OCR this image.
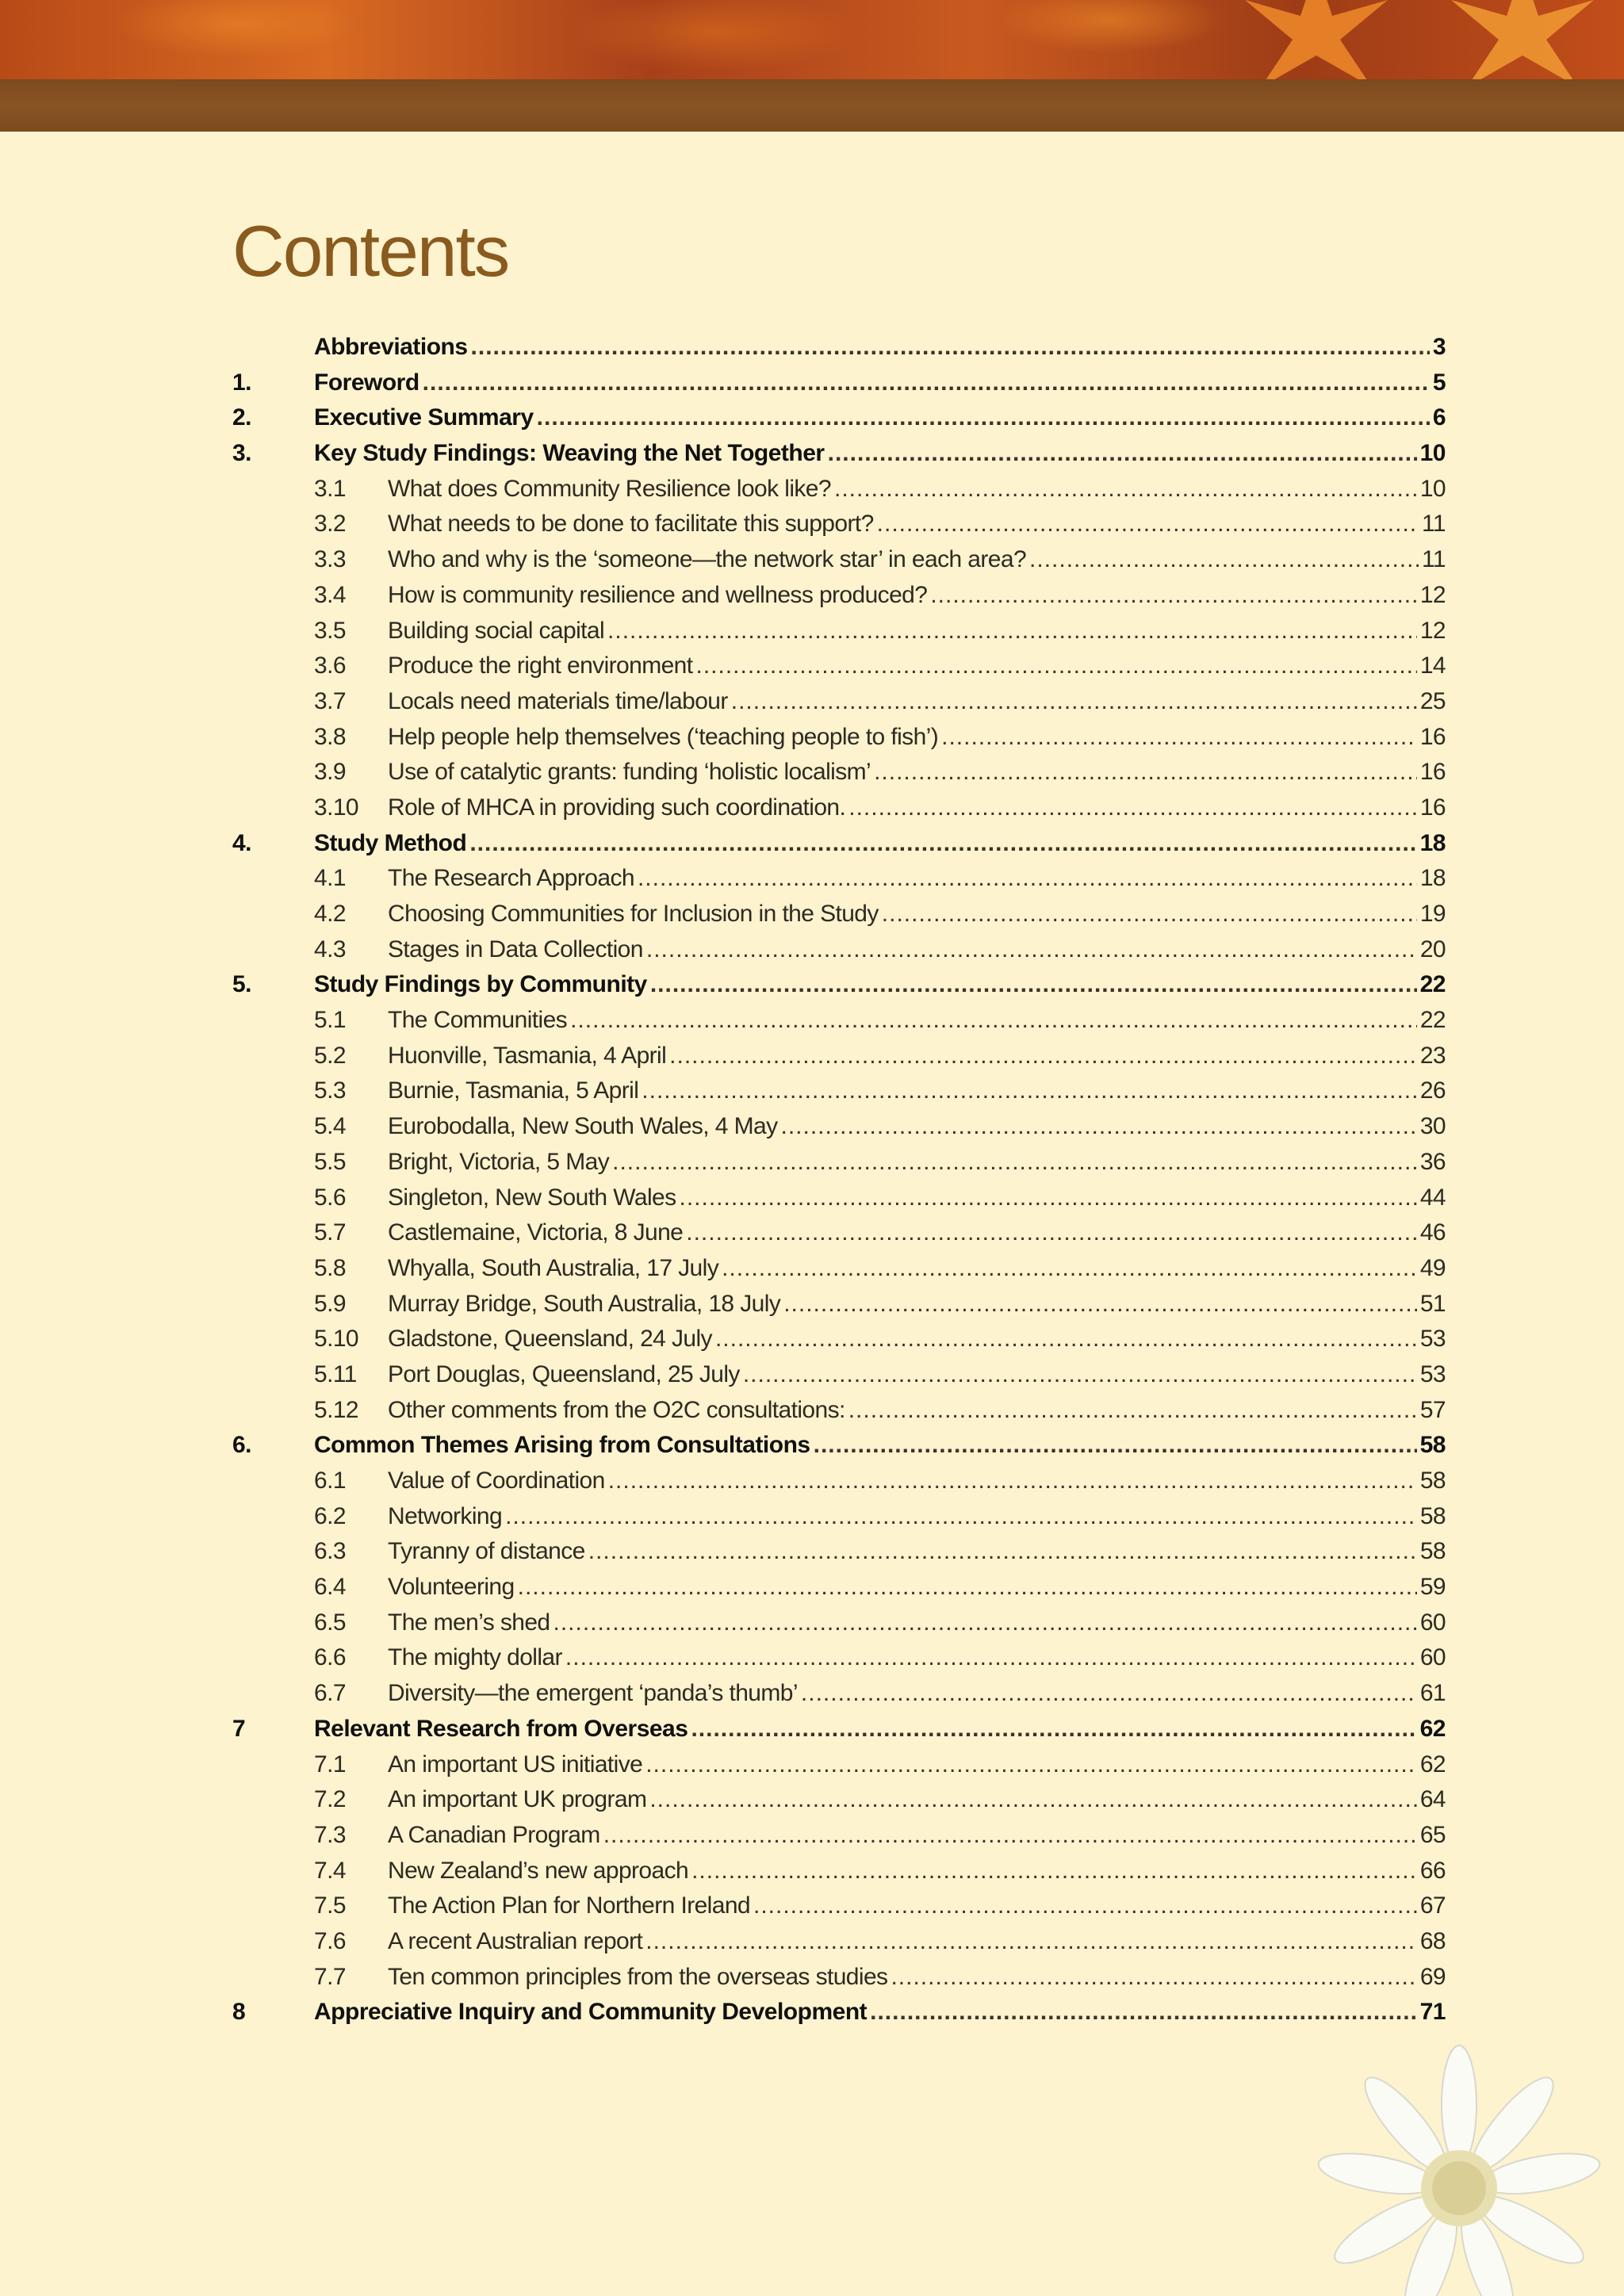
Contents
Abbreviations .....	3
1.	Foreword .....	5
2.	Executive Summary .....	6
3.	Key Study Findings: Weaving the Net Together .....	10
3.1	What does Community Resilience look like? .....	10
3.2	What needs to be done to facilitate this support? .....	11
3.3	Who and why is the ‘someone—the network star’ in each area? .....	11
3.4	How is community resilience and wellness produced? .....	12
3.5	Building social capital .....	12
3.6	Produce the right environment .....	14
3.7	Locals need materials time/labour .....	25
3.8	Help people help themselves (‘teaching people to fish’) .....	16
3.9	Use of catalytic grants: funding ‘holistic localism’ .....	16
3.10	Role of MHCA in providing such coordination. .....	16
4.	Study Method .....	18
4.1	The Research Approach .....	18
4.2	Choosing Communities for Inclusion in the Study .....	19
4.3	Stages in Data Collection .....	20
5.	Study Findings by Community .....	22
5.1	The Communities .....	22
5.2	Huonville, Tasmania, 4 April .....	23
5.3	Burnie, Tasmania, 5 April .....	26
5.4	Eurobodalla, New South Wales, 4 May .....	30
5.5	Bright, Victoria, 5 May .....	36
5.6	Singleton, New South Wales .....	44
5.7	Castlemaine, Victoria, 8 June .....	46
5.8	Whyalla, South Australia, 17 July .....	49
5.9	Murray Bridge, South Australia, 18 July .....	51
5.10	Gladstone, Queensland, 24 July .....	53
5.11	Port Douglas, Queensland, 25 July .....	53
5.12	Other comments from the O2C consultations: .....	57
6.	Common Themes Arising from Consultations .....	58
6.1	Value of Coordination .....	58
6.2	Networking .....	58
6.3	Tyranny of distance .....	58
6.4	Volunteering .....	59
6.5	The men’s shed .....	60
6.6	The mighty dollar .....	60
6.7	Diversity—the emergent ‘panda’s thumb’ .....	61
7	Relevant Research from Overseas .....	62
7.1	An important US initiative .....	62
7.2	An important UK program .....	64
7.3	A Canadian Program .....	65
7.4	New Zealand’s new approach .....	66
7.5	The Action Plan for Northern Ireland .....	67
7.6	A recent Australian report .....	68
7.7	Ten common principles from the overseas studies .....	69
8	Appreciative Inquiry and Community Development .....	71
